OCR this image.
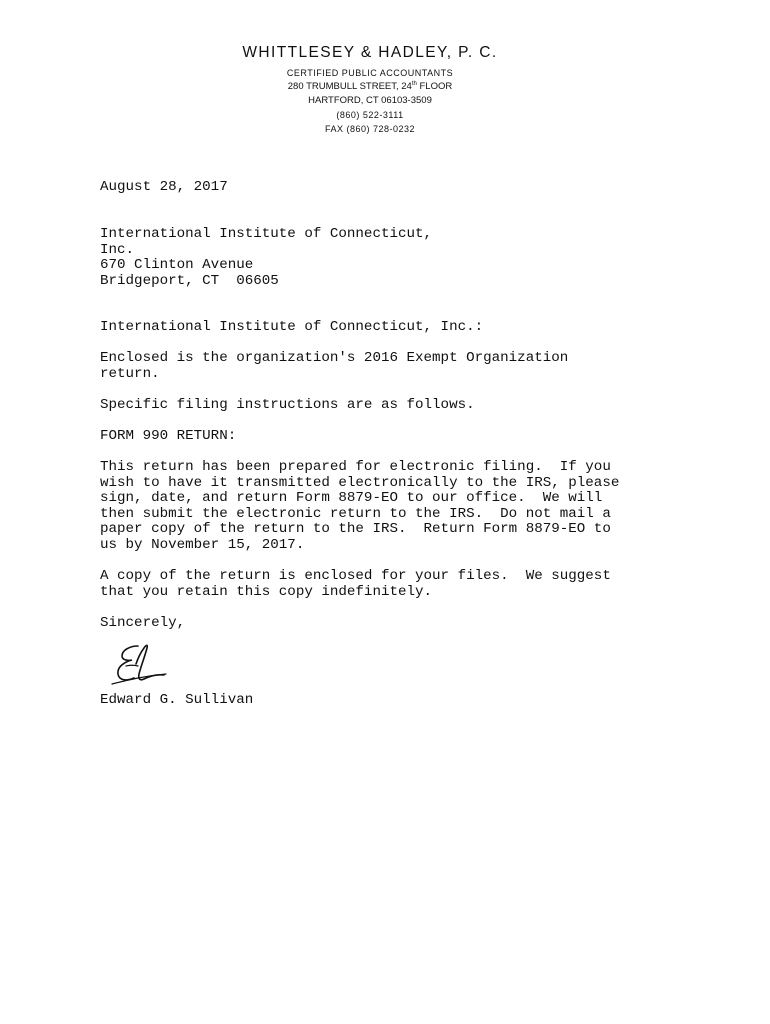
WHITTLESEY & HADLEY, P. C.

CERTIFIED PUBLIC ACCOUNTANTS

280 TRUMBULL STREET, 24th FLOOR

HARTFORD, CT 06103-3509

(860) 522-3111

FAX (860) 728-0232

August 28, 2017

International Institute of Connecticut,

Inc.

670 Clinton Avenue

Bridgeport, CT  06605

International Institute of Connecticut, Inc.:

Enclosed is the organization's 2016 Exempt Organization

return.

Specific filing instructions are as follows.

FORM 990 RETURN:

This return has been prepared for electronic filing.  If you

wish to have it transmitted electronically to the IRS, please

sign, date, and return Form 8879-EO to our office.  We will

then submit the electronic return to the IRS.  Do not mail a

paper copy of the return to the IRS.  Return Form 8879-EO to

us by November 15, 2017.

A copy of the return is enclosed for your files.  We suggest

that you retain this copy indefinitely.

Sincerely,

Edward G. Sullivan
